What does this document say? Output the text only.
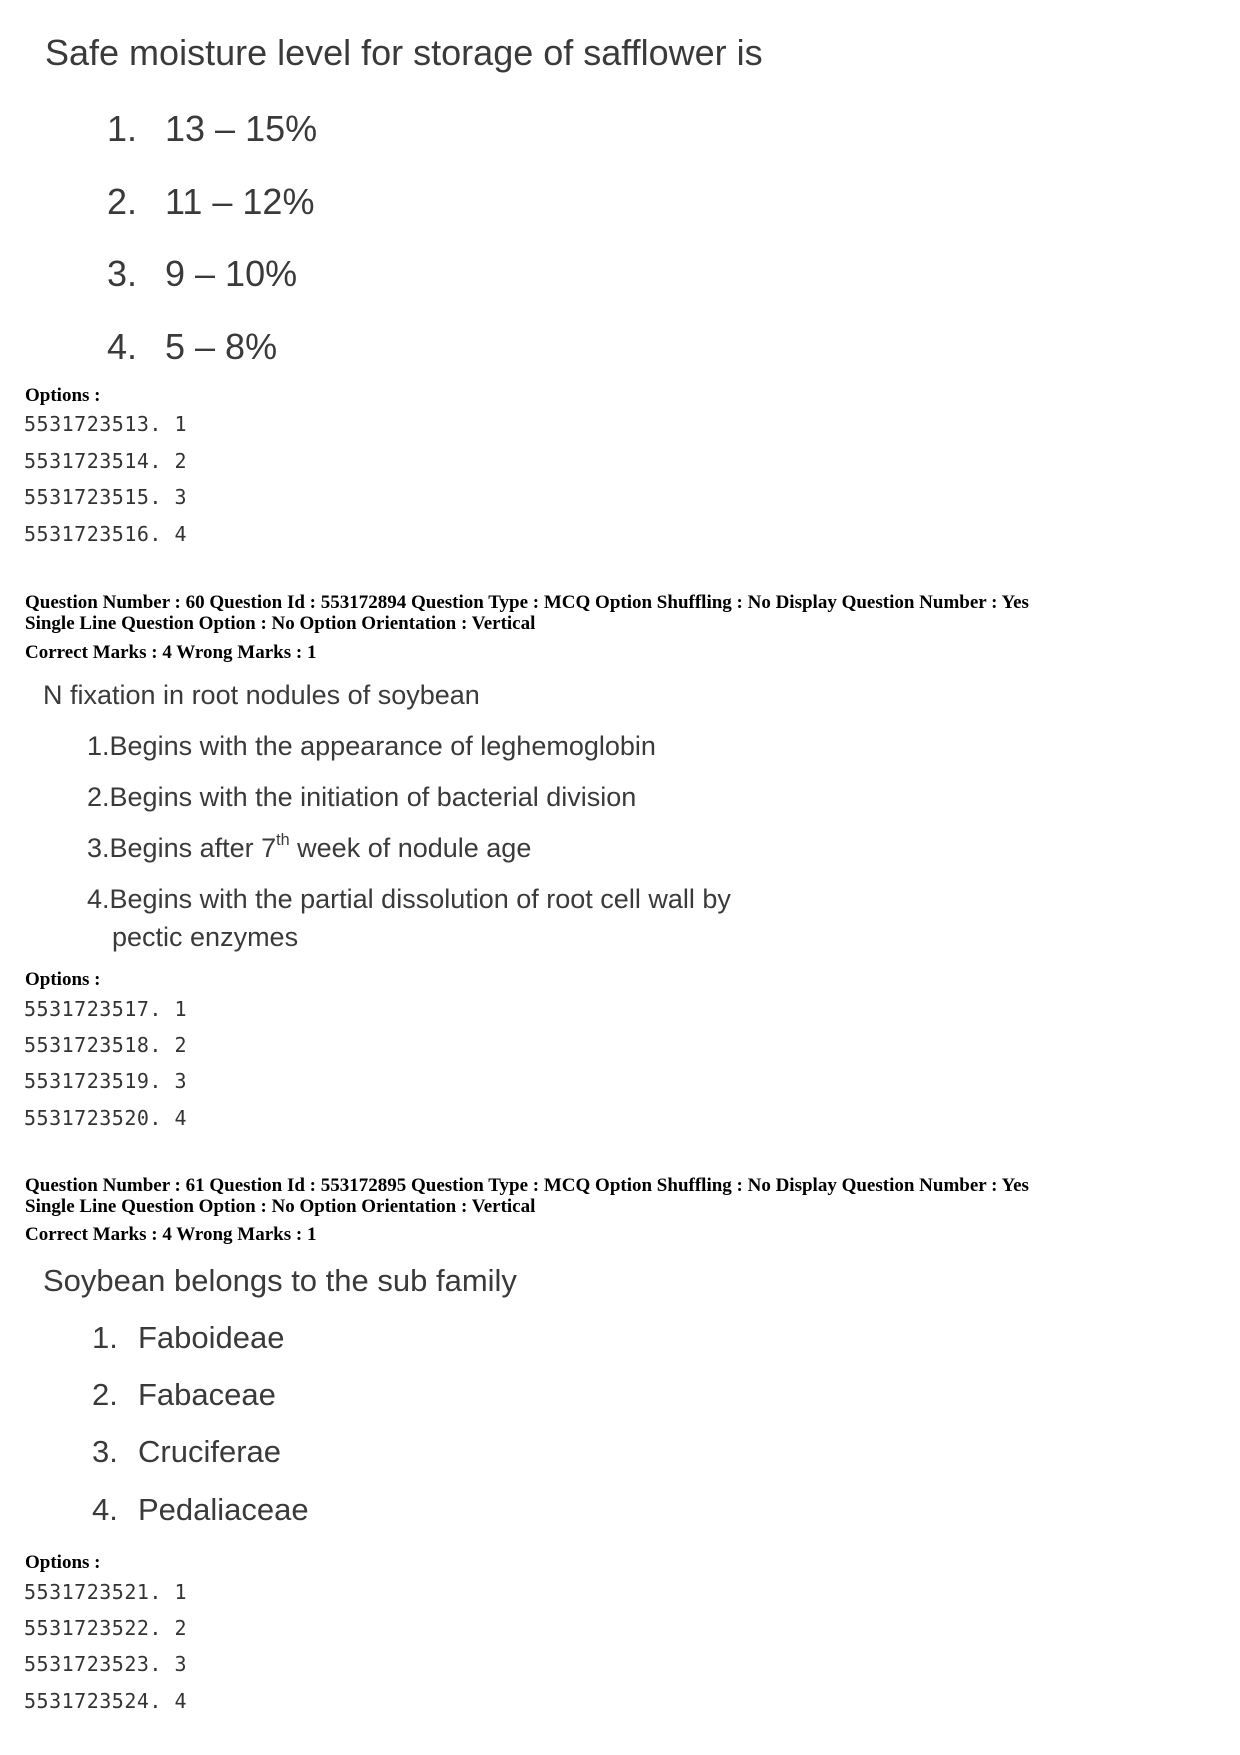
Safe moisture level for storage of safflower is
1. 13 – 15%
2. 11 – 12%
3. 9 – 10%
4. 5 – 8%
Options :
5531723513. 1
5531723514. 2
5531723515. 3
5531723516. 4
Question Number : 60 Question Id : 553172894 Question Type : MCQ Option Shuffling : No Display Question Number : Yes
Single Line Question Option : No Option Orientation : Vertical
Correct Marks : 4 Wrong Marks : 1
N fixation in root nodules of soybean
1.Begins with the appearance of leghemoglobin
2.Begins with the initiation of bacterial division
3.Begins after 7th week of nodule age
4.Begins with the partial dissolution of root cell wall by
pectic enzymes
Options :
5531723517. 1
5531723518. 2
5531723519. 3
5531723520. 4
Question Number : 61 Question Id : 553172895 Question Type : MCQ Option Shuffling : No Display Question Number : Yes
Single Line Question Option : No Option Orientation : Vertical
Correct Marks : 4 Wrong Marks : 1
Soybean belongs to the sub family
1. Faboideae
2. Fabaceae
3. Cruciferae
4. Pedaliaceae
Options :
5531723521. 1
5531723522. 2
5531723523. 3
5531723524. 4
